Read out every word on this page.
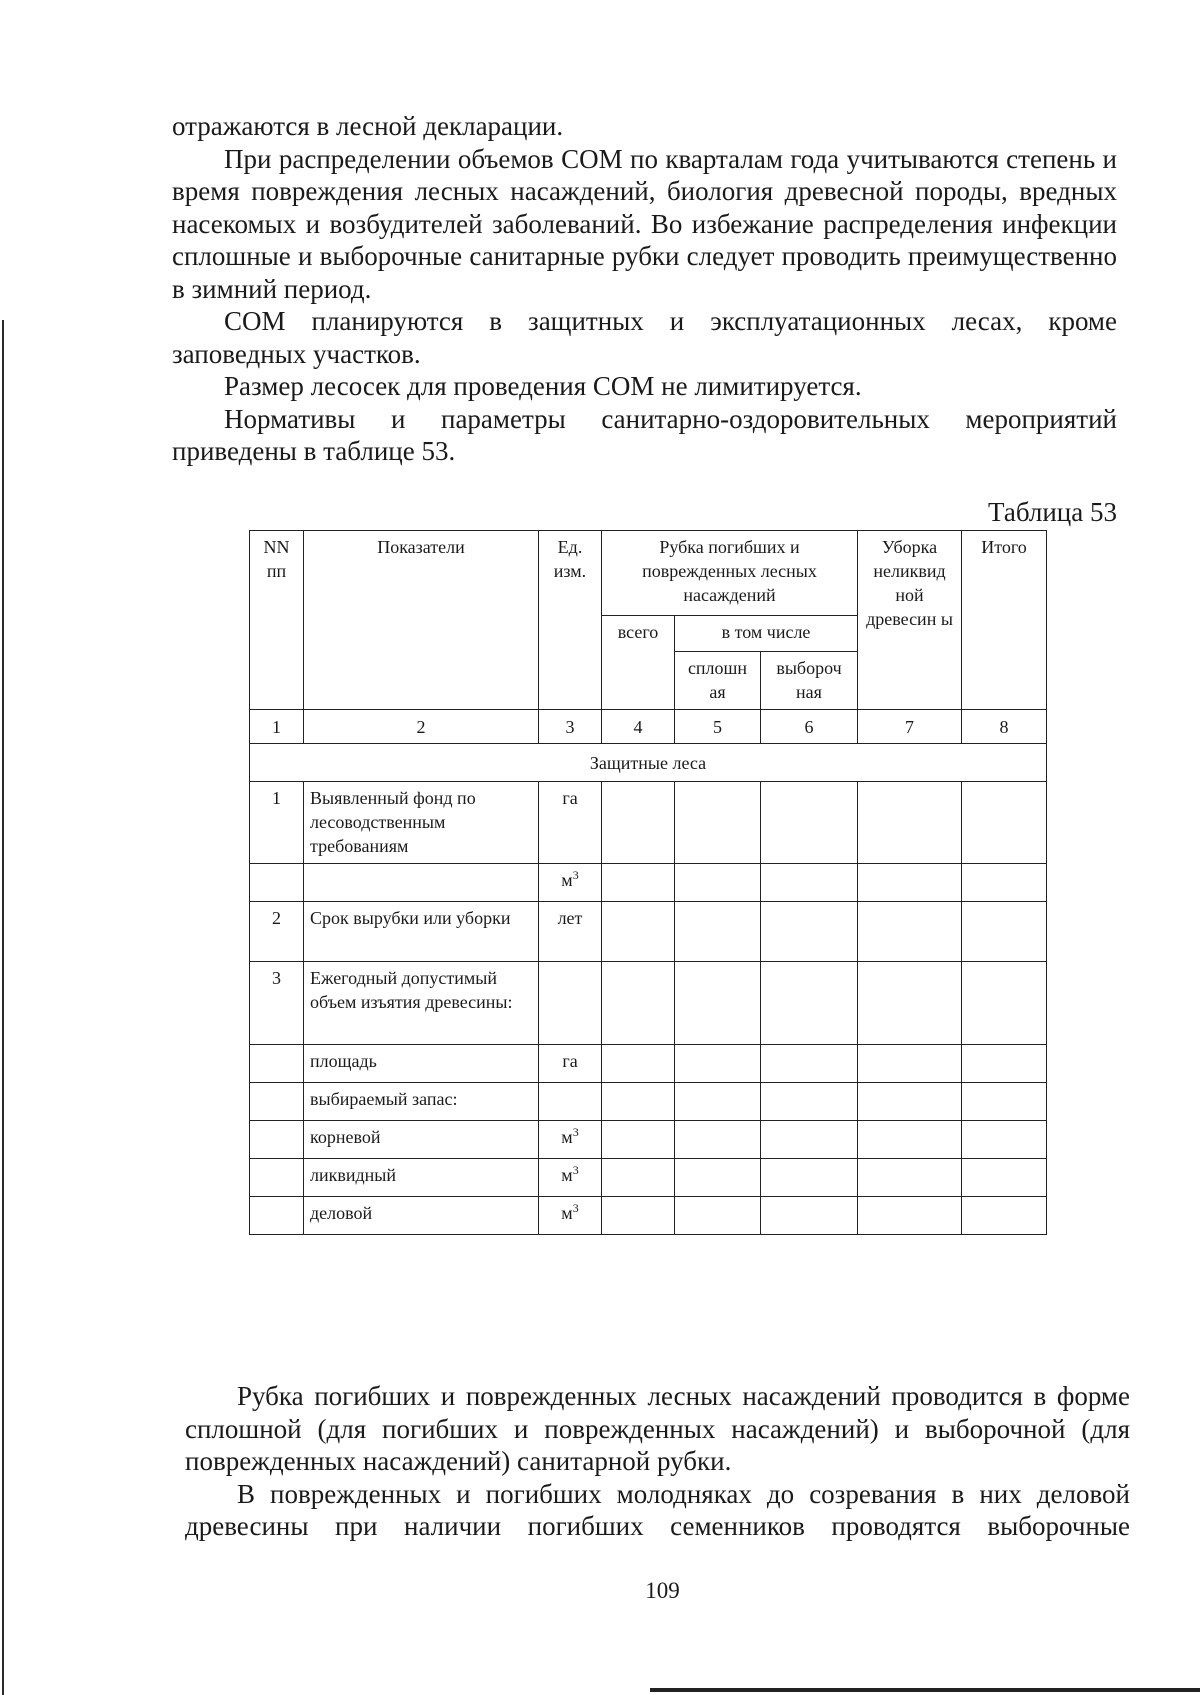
отражаются в лесной декларации.

При распределении объемов СОМ по кварталам года учитываются степень и время повреждения лесных насаждений, биология древесной породы, вредных насекомых и возбудителей заболеваний. Во избежание распределения инфекции сплошные и выборочные санитарные рубки следует проводить преимущественно в зимний период.

СОМ планируются в защитных и эксплуатационных лесах, кроме заповедных участков.

Размер лесосек для проведения СОМ не лимитируется.

Нормативы и параметры санитарно-оздоровительных мероприятий приведены в таблице 53.

Таблица 53
NN пп	Показатели	Ед. изм.	Рубка погибших и поврежденных лесных насаждений			Уборка неликвид ной древесин ы	Итого
			всего	в том числе			
				сплошн ая	выбороч ная		
1	2	3	4	5	6	7	8
Защитные леса							
1	Выявленный фонд по лесоводственным требованиям	га					
		$м^3$					
2	Срок вырубки или уборки	лет					
3	Ежегодный допустимый объем изъятия древесины:						
	площадь	га					
	выбираемый запас:						
	корневой	$м^3$					
	ликвидный	$м^3$					
	деловой	$м^3$					

Рубка погибших и поврежденных лесных насаждений проводится в форме сплошной (для погибших и поврежденных насаждений) и выборочной (для поврежденных насаждений) санитарной рубки.

В поврежденных и погибших молодняках до созревания в них деловой древесины при наличии погибших семенников проводятся выборочные

109
